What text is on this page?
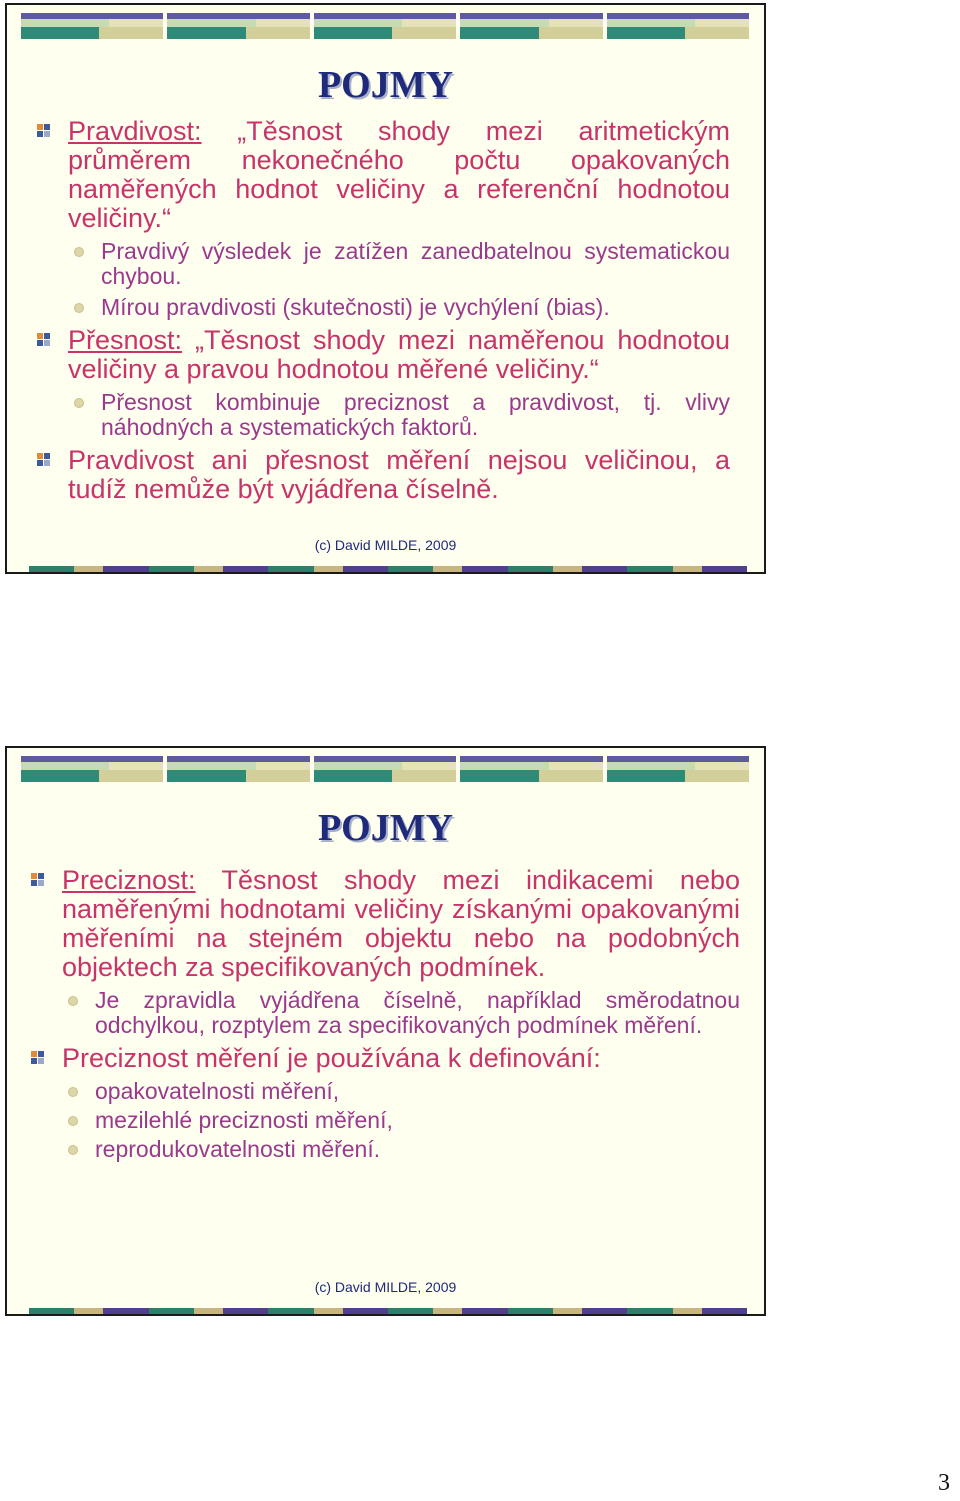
POJMY
Pravdivost: „Těsnost shody mezi aritmetickým průměrem nekonečného počtu opakovaných naměřených hodnot veličiny a referenční hodnotou veličiny.“
Pravdivý výsledek je zatížen zanedbatelnou systematickou chybou.
Mírou pravdivosti (skutečnosti) je vychýlení (bias).
Přesnost: „Těsnost shody mezi naměřenou hodnotou veličiny a pravou hodnotou měřené veličiny.“
Přesnost kombinuje preciznost a pravdivost, tj. vlivy náhodných a systematických faktorů.
Pravdivost ani přesnost měření nejsou veličinou, a tudíž nemůže být vyjádřena číselně.
(c) David MILDE, 2009
POJMY
Preciznost: Těsnost shody mezi indikacemi nebo naměřenými hodnotami veličiny získanými opakovanými měřeními na stejném objektu nebo na podobných objektech za specifikovaných podmínek.
Je zpravidla vyjádřena číselně, například směrodatnou odchylkou, rozptylem za specifikovaných podmínek měření.
Preciznost měření je používána k definování:
opakovatelnosti měření,
mezilehlé preciznosti měření,
reprodukovatelnosti měření.
(c) David MILDE, 2009
3
